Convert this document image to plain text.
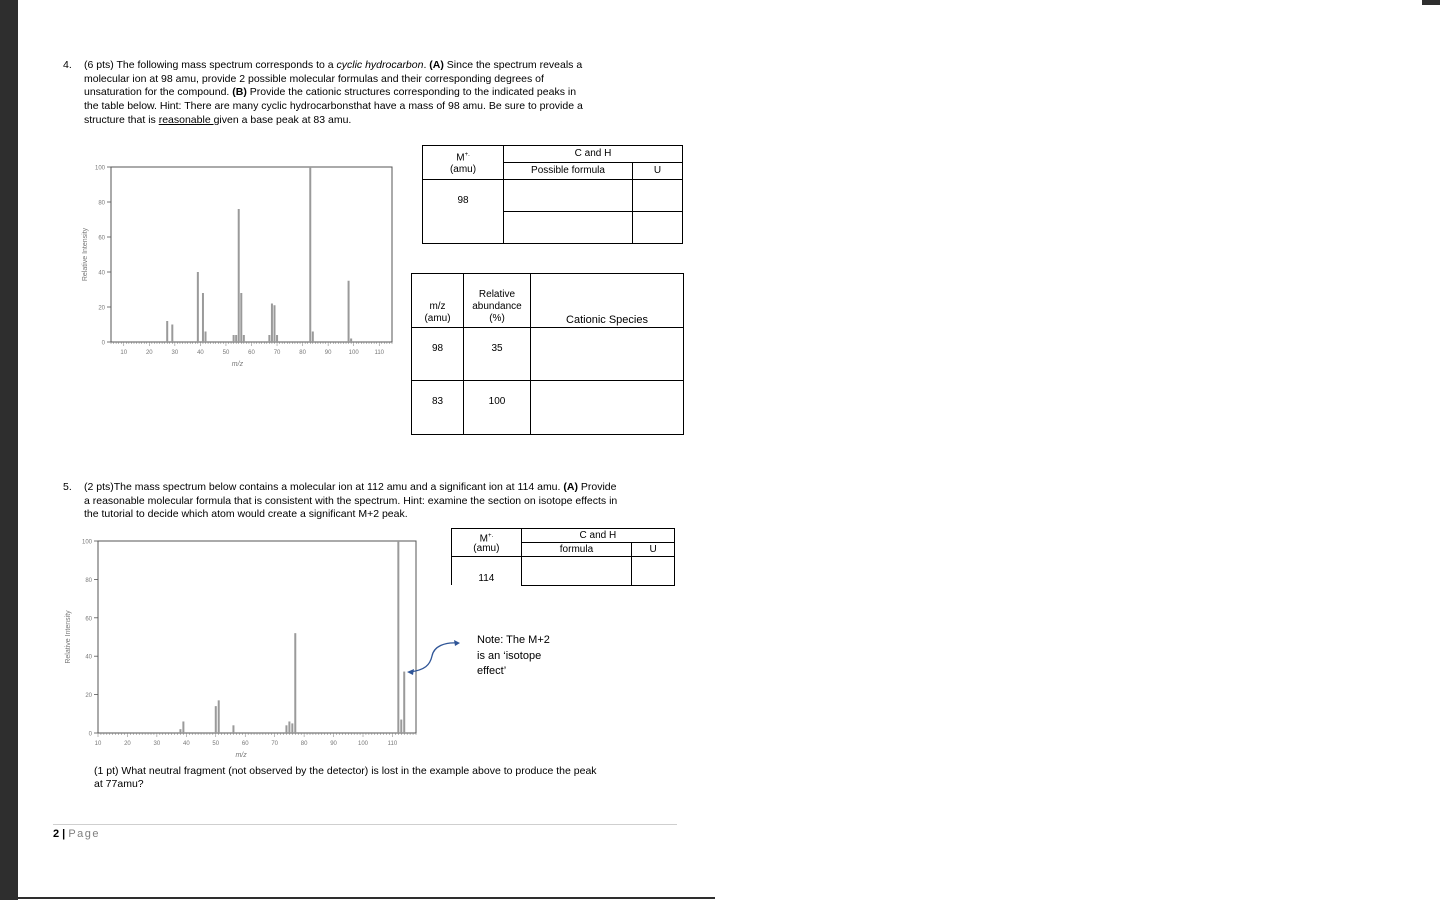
4. (6 pts) The following mass spectrum corresponds to a cyclic hydrocarbon. (A) Since the spectrum reveals a
molecular ion at 98 amu, provide 2 possible molecular formulas and their corresponding degrees of
unsaturation for the compound. (B) Provide the cationic structures corresponding to the indicated peaks in
the table below. Hint: There are many cyclic hydrocarbonsthat have a mass of 98 amu. Be sure to provide a
structure that is reasonable given a base peak at 83 amu.
0
20
40
60
80
100
10	20	30	40	50	60	70	80	90	100	110
m/z
Relative Intensity
M+.
(amu)	C and H	
	Possible formula	U
98		

m/z
(amu)	Relative
abundance
(%)	Cationic Species
98	35	
83	100	
5. (2 pts)The mass spectrum below contains a molecular ion at 112 amu and a significant ion at 114 amu. (A) Provide
a reasonable molecular formula that is consistent with the spectrum. Hint: examine the section on isotope effects in
the tutorial to decide which atom would create a significant M+2 peak.
0
20
40
60
80
100
10	20	30	40	50	60	70	80	90	100	110
m/z
Relative Intensity
M+.
(amu)	C and H	
	formula	U
114		
Note: The M+2
is an ‘isotope
effect’
(1 pt) What neutral fragment (not observed by the detector) is lost in the example above to produce the peak
at 77amu?
2 | Page
